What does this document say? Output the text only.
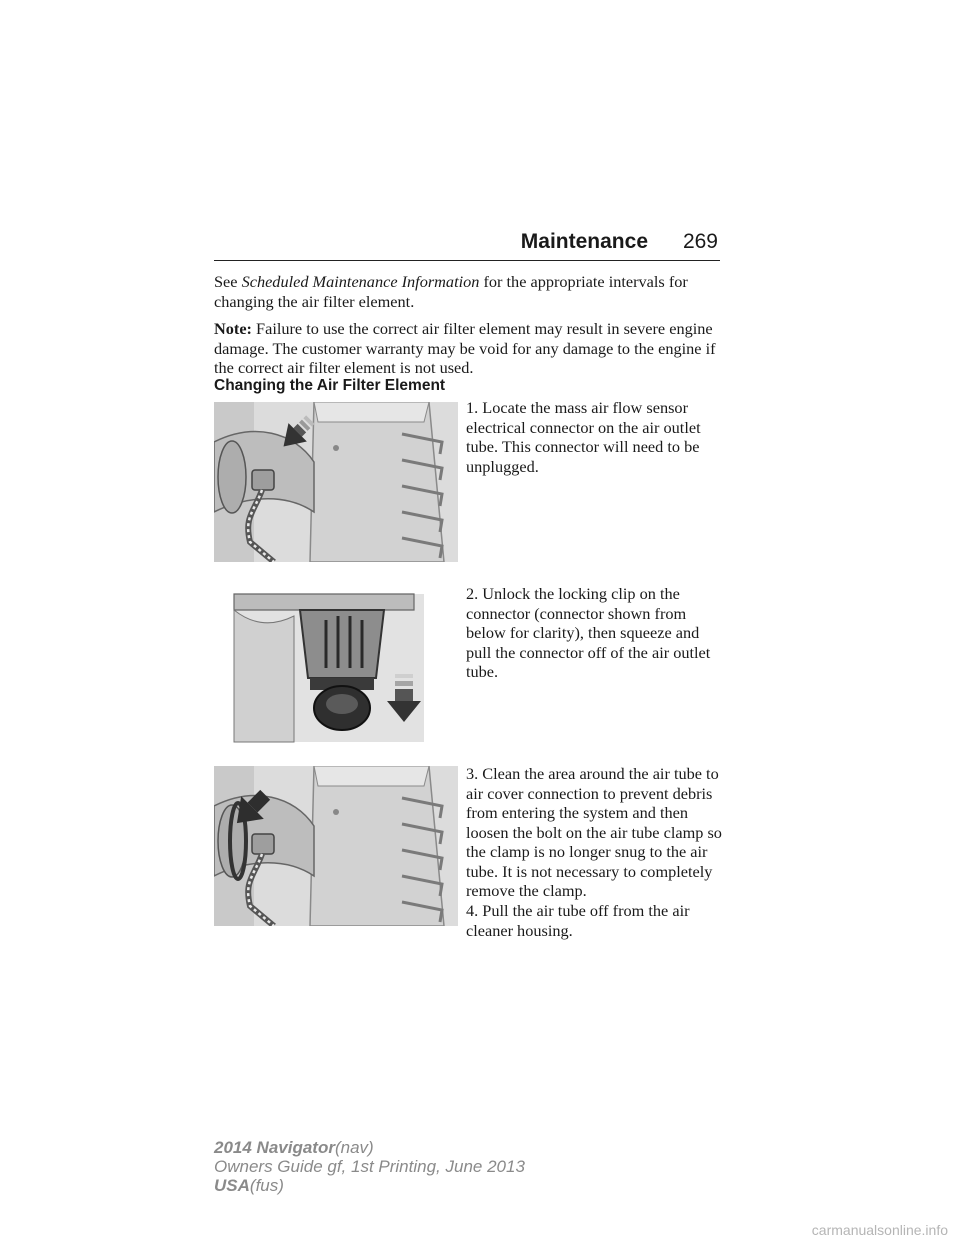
Maintenance 269

See Scheduled Maintenance Information for the appropriate intervals for changing the air filter element.

Note: Failure to use the correct air filter element may result in severe engine damage. The customer warranty may be void for any damage to the engine if the correct air filter element is not used.

Changing the Air Filter Element

1. Locate the mass air flow sensor electrical connector on the air outlet tube. This connector will need to be unplugged.

2. Unlock the locking clip on the connector (connector shown from below for clarity), then squeeze and pull the connector off of the air outlet tube.

3. Clean the area around the air tube to air cover connection to prevent debris from entering the system and then loosen the bolt on the air tube clamp so the clamp is no longer snug to the air tube. It is not necessary to completely remove the clamp.

4. Pull the air tube off from the air cleaner housing.

2014 Navigator(nav)
Owners Guide gf, 1st Printing, June 2013
USA(fus)
carmanualsonline.info
